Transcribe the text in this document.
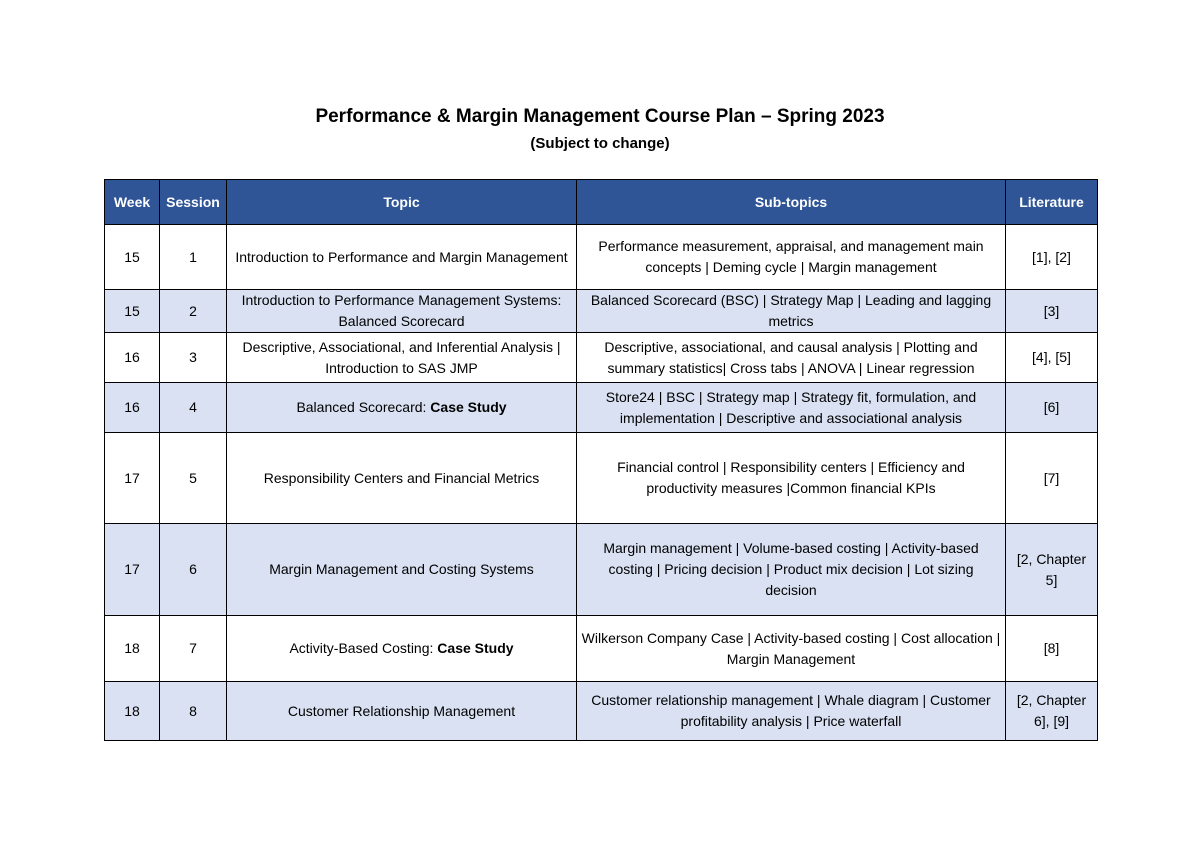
Performance & Margin Management Course Plan – Spring 2023
(Subject to change)
Week	Session	Topic	Sub-topics	Literature
15	1	Introduction to Performance and Margin Management	Performance measurement, appraisal, and management main concepts | Deming cycle | Margin management	[1], [2]
15	2	Introduction to Performance Management Systems: Balanced Scorecard	Balanced Scorecard (BSC) | Strategy Map | Leading and lagging metrics	[3]
16	3	Descriptive, Associational, and Inferential Analysis | Introduction to SAS JMP	Descriptive, associational, and causal analysis | Plotting and summary statistics| Cross tabs | ANOVA | Linear regression	[4], [5]
16	4	Balanced Scorecard: Case Study	Store24 | BSC | Strategy map | Strategy fit, formulation, and implementation | Descriptive and associational analysis	[6]
17	5	Responsibility Centers and Financial Metrics	Financial control | Responsibility centers | Efficiency and productivity measures |Common financial KPIs	[7]
17	6	Margin Management and Costing Systems	Margin management | Volume-based costing | Activity-based costing | Pricing decision | Product mix decision | Lot sizing decision	[2, Chapter 5]
18	7	Activity-Based Costing: Case Study	Wilkerson Company Case | Activity-based costing | Cost allocation | Margin Management	[8]
18	8	Customer Relationship Management	Customer relationship management | Whale diagram | Customer profitability analysis | Price waterfall	[2, Chapter 6], [9]
